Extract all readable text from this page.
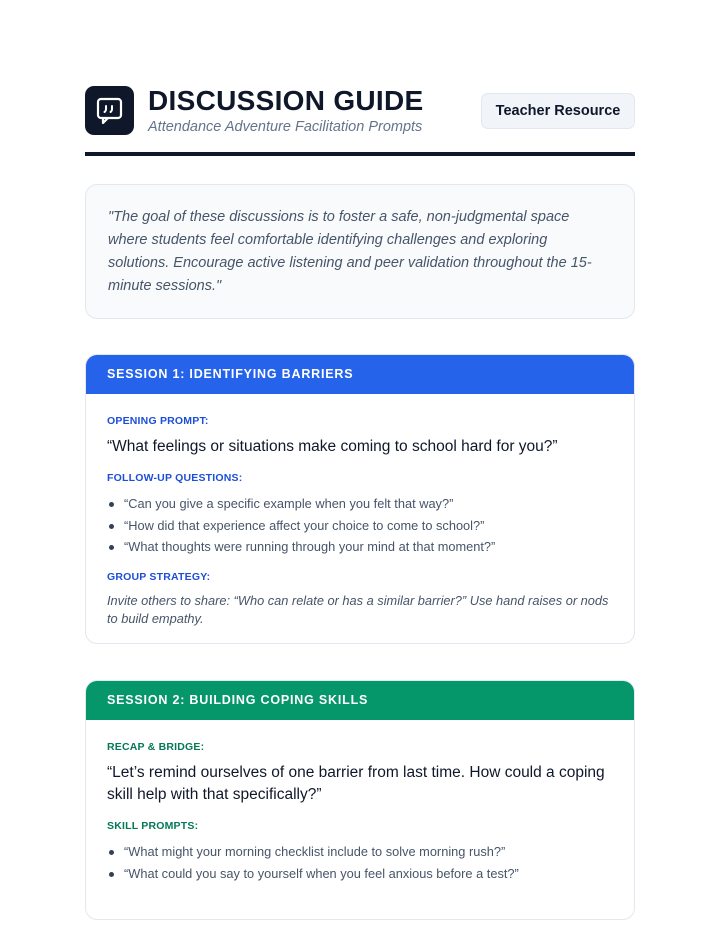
DISCUSSION GUIDE
Attendance Adventure Facilitation Prompts
Teacher Resource

"The goal of these discussions is to foster a safe, non-judgmental space where students feel comfortable identifying challenges and exploring solutions. Encourage active listening and peer validation throughout the 15-minute sessions."

SESSION 1: IDENTIFYING BARRIERS
OPENING PROMPT:
“What feelings or situations make coming to school hard for you?”
FOLLOW-UP QUESTIONS:
“Can you give a specific example when you felt that way?”
“How did that experience affect your choice to come to school?”
“What thoughts were running through your mind at that moment?”
GROUP STRATEGY:
Invite others to share: “Who can relate or has a similar barrier?” Use hand raises or nods to build empathy.
SESSION 2: BUILDING COPING SKILLS
RECAP & BRIDGE:
“Let’s remind ourselves of one barrier from last time. How could a coping skill help with that specifically?”
SKILL PROMPTS:
“What might your morning checklist include to solve morning rush?”
“What could you say to yourself when you feel anxious before a test?”
